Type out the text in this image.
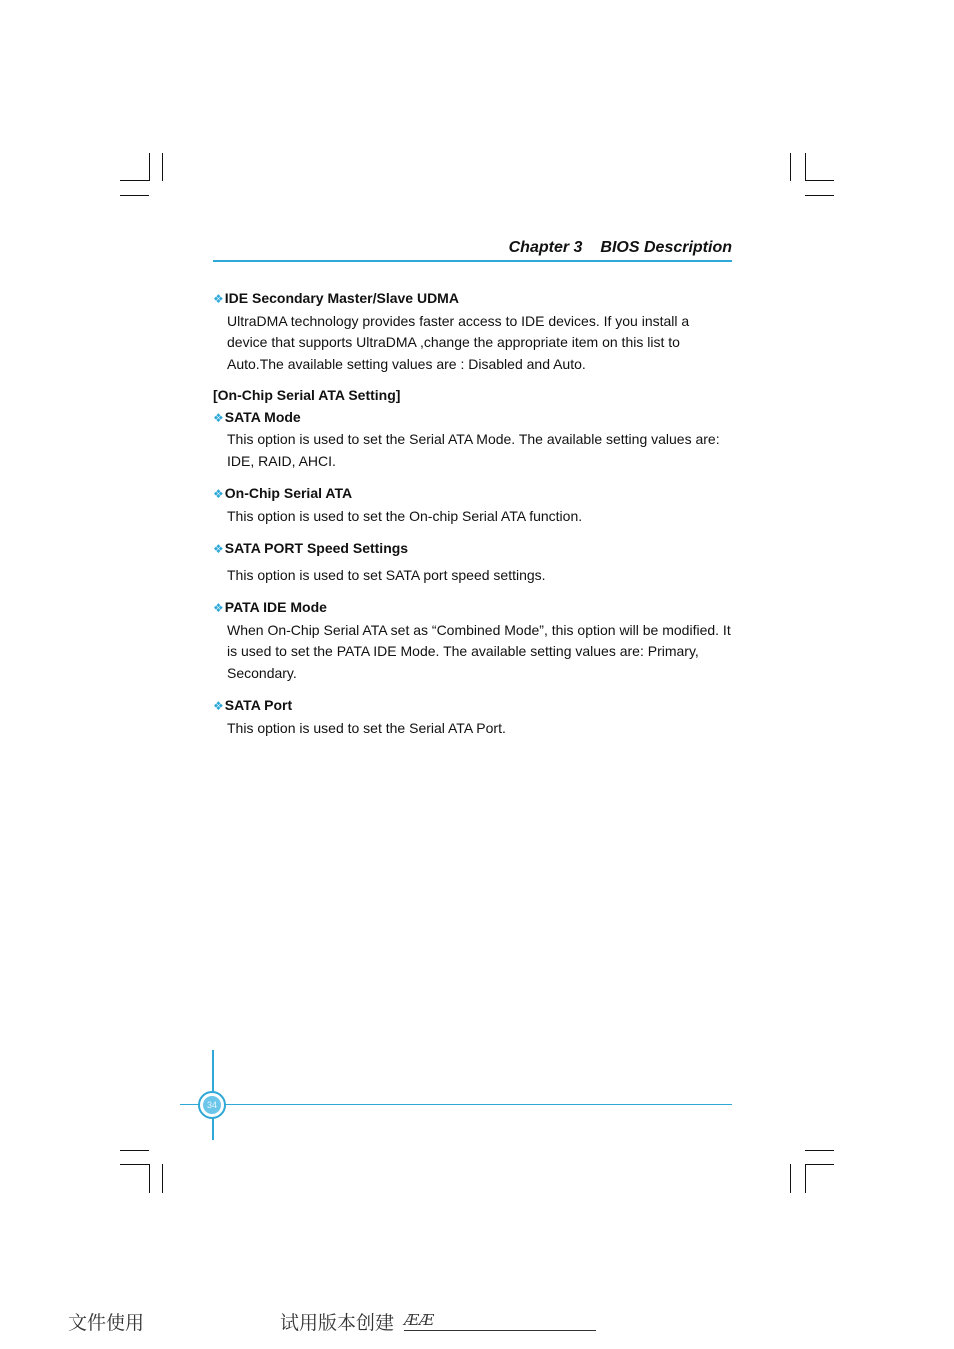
Chapter 3 BIOS Description

❖IDE Secondary Master/Slave UDMA

UltraDMA technology provides faster access to IDE devices. If you install a device that supports UltraDMA ,change the appropriate item on this list to Auto.The available setting values are : Disabled and Auto.

[On-Chip Serial ATA Setting]

❖SATA Mode

This option is used to set the Serial ATA Mode. The available setting values are: IDE, RAID, AHCI.

❖On-Chip Serial ATA

This option is used to set the On-chip Serial ATA function.

❖SATA PORT Speed Settings

This option is used to set SATA port speed settings.

❖PATA IDE Mode

When On-Chip Serial ATA set as “Combined Mode”, this option will be modified. It is used to set the PATA IDE Mode. The available setting values are: Primary, Secondary.

❖SATA Port

This option is used to set the Serial ATA Port.

34
文件使用	试用版本创建 ÆÆ
